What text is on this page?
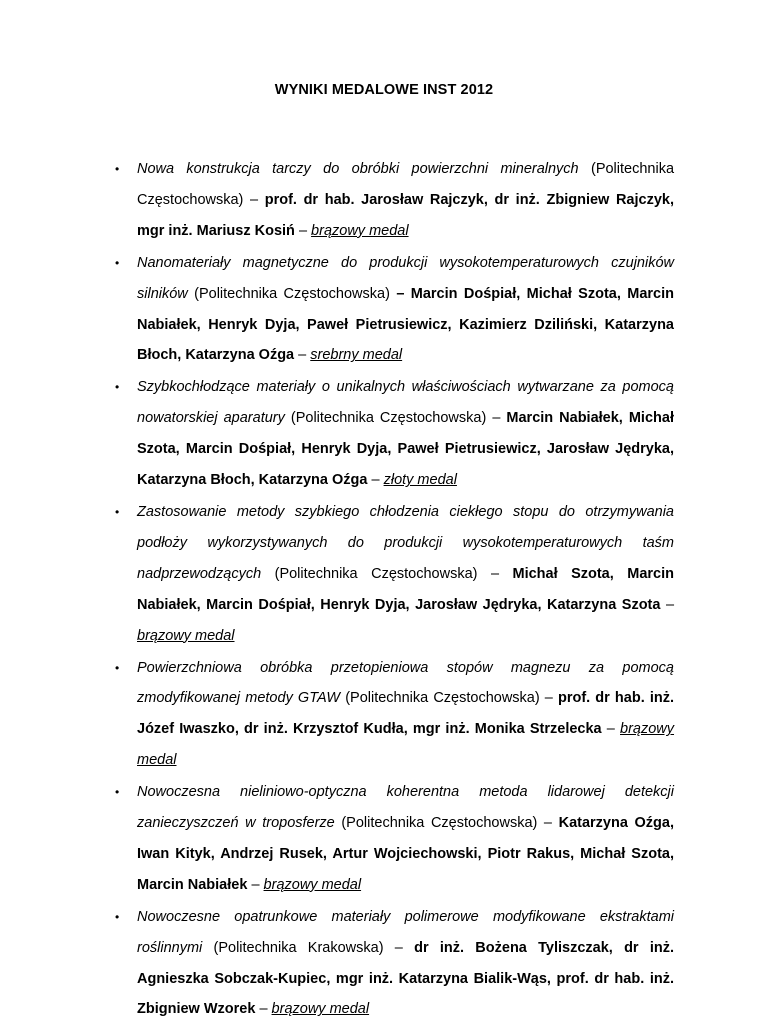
WYNIKI MEDALOWE INST 2012
• Nowa konstrukcja tarczy do obróbki powierzchni mineralnych (Politechnika Częstochowska) – prof. dr hab. Jarosław Rajczyk, dr inż. Zbigniew Rajczyk, mgr inż. Mariusz Kosiń – brązowy medal
• Nanomateriały magnetyczne do produkcji wysokotemperaturowych czujników silników (Politechnika Częstochowska) – Marcin Dośpiał, Michał Szota, Marcin Nabiałek, Henryk Dyja, Paweł Pietrusiewicz, Kazimierz Dziliński, Katarzyna Błoch, Katarzyna Oźga – srebrny medal
• Szybkochłodzące materiały o unikalnych właściwościach wytwarzane za pomocą nowatorskiej aparatury (Politechnika Częstochowska) – Marcin Nabiałek, Michał Szota, Marcin Dośpiał, Henryk Dyja, Paweł Pietrusiewicz, Jarosław Jędryka, Katarzyna Błoch, Katarzyna Oźga – złoty medal
• Zastosowanie metody szybkiego chłodzenia ciekłego stopu do otrzymywania podłoży wykorzystywanych do produkcji wysokotemperaturowych taśm nadprzewodzących (Politechnika Częstochowska) – Michał Szota, Marcin Nabiałek, Marcin Dośpiał, Henryk Dyja, Jarosław Jędryka, Katarzyna Szota – brązowy medal
• Powierzchniowa obróbka przetopieniowa stopów magnezu za pomocą zmodyfikowanej metody GTAW (Politechnika Częstochowska) – prof. dr hab. inż. Józef Iwaszko, dr inż. Krzysztof Kudła, mgr inż. Monika Strzelecka – brązowy medal
• Nowoczesna nieliniowo-optyczna koherentna metoda lidarowej detekcji zanieczyszczeń w troposferze (Politechnika Częstochowska) – Katarzyna Oźga, Iwan Kityk, Andrzej Rusek, Artur Wojciechowski, Piotr Rakus, Michał Szota, Marcin Nabiałek – brązowy medal
• Nowoczesne opatrunkowe materiały polimerowe modyfikowane ekstraktami roślinnymi (Politechnika Krakowska) – dr inż. Bożena Tyliszczak, dr inż. Agnieszka Sobczak-Kupiec, mgr inż. Katarzyna Bialik-Wąs, prof. dr hab. inż. Zbigniew Wzorek – brązowy medal
